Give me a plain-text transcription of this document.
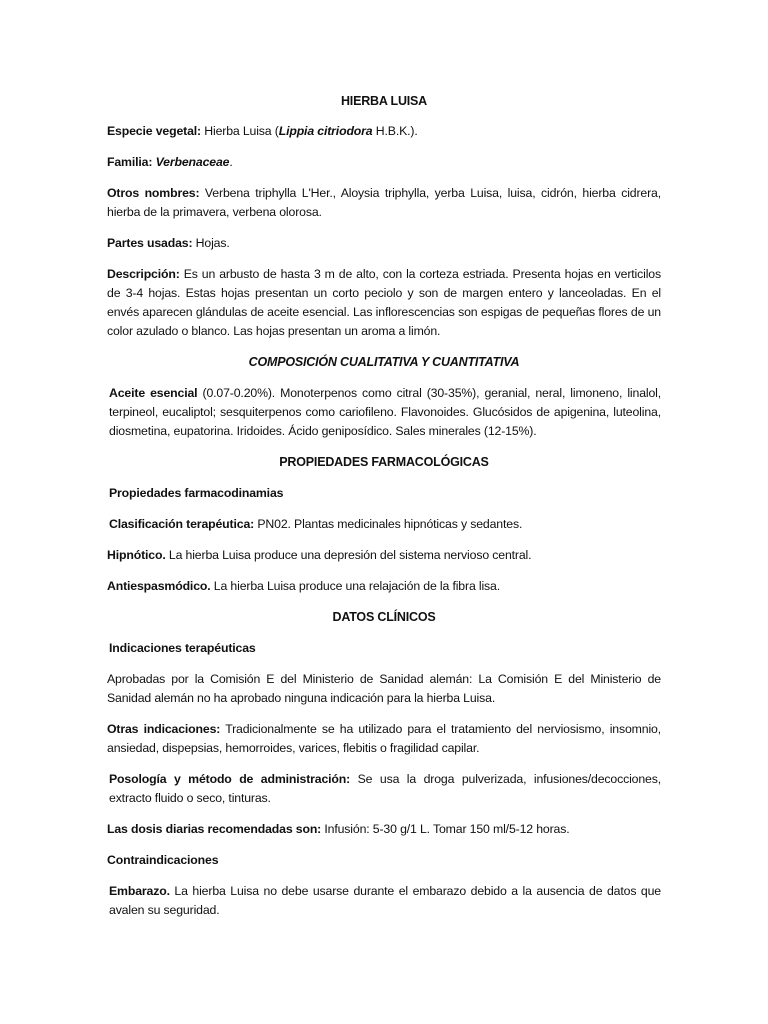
HIERBA LUISA

Especie vegetal: Hierba Luisa (Lippia citriodora H.B.K.).

Familia: Verbenaceae.

Otros nombres: Verbena triphylla L'Her., Aloysia triphylla, yerba Luisa, luisa, cidrón, hierba cidrera, hierba de la primavera, verbena olorosa.

Partes usadas: Hojas.

Descripción: Es un arbusto de hasta 3 m de alto, con la corteza estriada. Presenta hojas en verticilos de 3-4 hojas. Estas hojas presentan un corto peciolo y son de margen entero y lanceoladas. En el envés aparecen glándulas de aceite esencial. Las inflorescencias son espigas de pequeñas flores de un color azulado o blanco. Las hojas presentan un aroma a limón.

COMPOSICIÓN CUALITATIVA Y CUANTITATIVA

Aceite esencial (0.07-0.20%). Monoterpenos como citral (30-35%), geranial, neral, limoneno, linalol, terpineol, eucaliptol; sesquiterpenos como cariofileno. Flavonoides. Glucósidos de apigenina, luteolina, diosmetina, eupatorina. Iridoides. Ácido geniposídico. Sales minerales (12-15%).

PROPIEDADES FARMACOLÓGICAS

Propiedades farmacodinamias

Clasificación terapéutica: PN02. Plantas medicinales hipnóticas y sedantes.

Hipnótico. La hierba Luisa produce una depresión del sistema nervioso central.

Antiespasmódico. La hierba Luisa produce una relajación de la fibra lisa.

DATOS CLÍNICOS

Indicaciones terapéuticas

Aprobadas por la Comisión E del Ministerio de Sanidad alemán: La Comisión E del Ministerio de Sanidad alemán no ha aprobado ninguna indicación para la hierba Luisa.

Otras indicaciones: Tradicionalmente se ha utilizado para el tratamiento del nerviosismo, insomnio, ansiedad, dispepsias, hemorroides, varices, flebitis o fragilidad capilar.

Posología y método de administración: Se usa la droga pulverizada, infusiones/decocciones, extracto fluido o seco, tinturas.

Las dosis diarias recomendadas son: Infusión: 5-30 g/1 L. Tomar 150 ml/5-12 horas.

Contraindicaciones

Embarazo. La hierba Luisa no debe usarse durante el embarazo debido a la ausencia de datos que avalen su seguridad.
